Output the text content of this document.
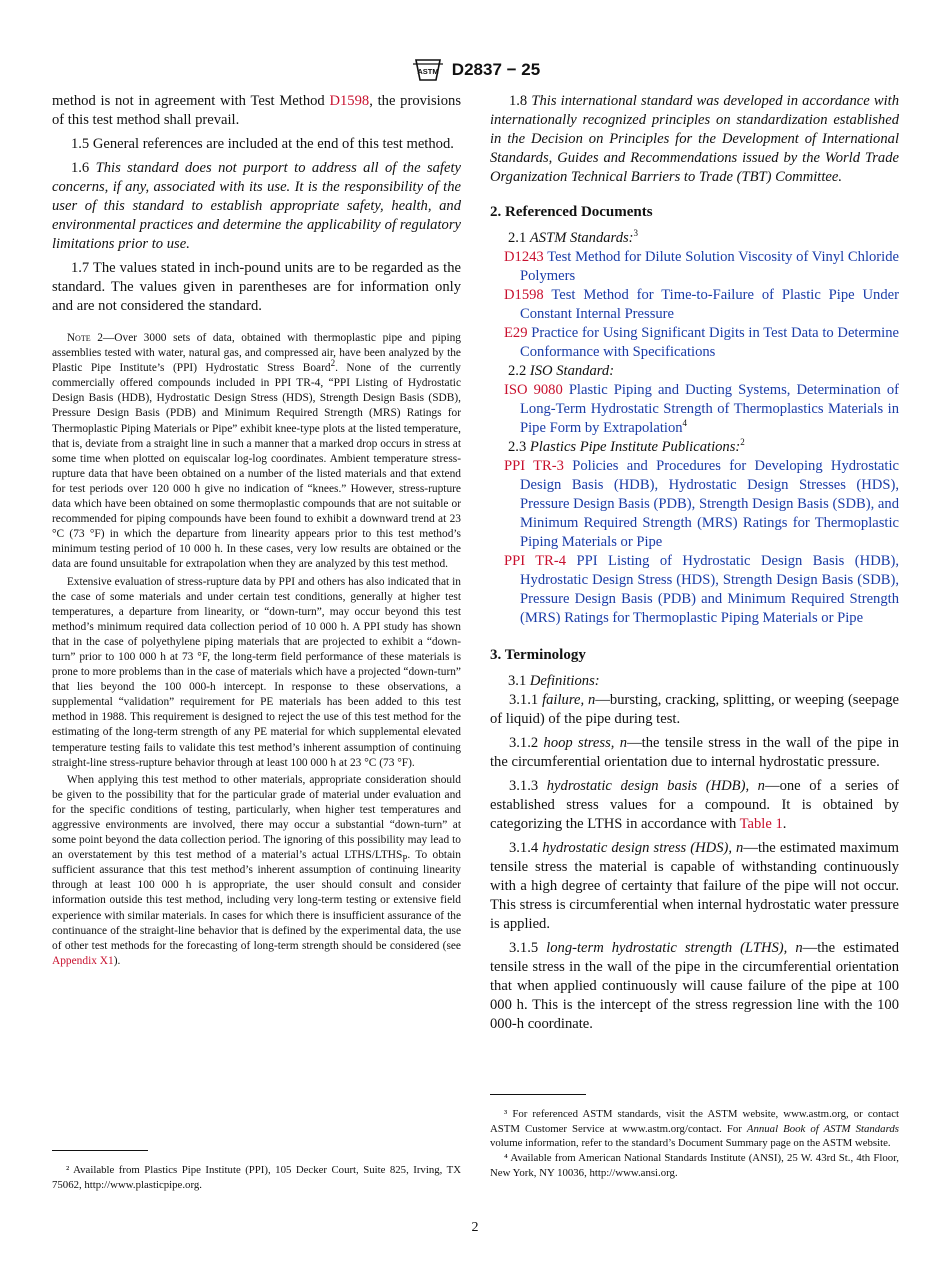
ASTM D2837 − 25

method is not in agreement with Test Method D1598, the provisions of this test method shall prevail.

1.5 General references are included at the end of this test method.

1.6 This standard does not purport to address all of the safety concerns, if any, associated with its use. It is the responsibility of the user of this standard to establish appropriate safety, health, and environmental practices and determine the applicability of regulatory limitations prior to use.

1.7 The values stated in inch-pound units are to be regarded as the standard. The values given in parentheses are for information only and are not considered the standard.

Note 2—Over 3000 sets of data, obtained with thermoplastic pipe and piping assemblies tested with water, natural gas, and compressed air, have been analyzed by the Plastic Pipe Institute’s (PPI) Hydrostatic Stress Board$^2$. None of the currently commercially offered compounds included in PPI TR-4, “PPI Listing of Hydrostatic Design Basis (HDB), Hydrostatic Design Stress (HDS), Strength Design Basis (SDB), Pressure Design Basis (PDB) and Minimum Required Strength (MRS) Ratings for Thermoplastic Piping Materials or Pipe” exhibit knee-type plots at the listed temperature, that is, deviate from a straight line in such a manner that a marked drop occurs in stress at some time when plotted on equiscalar log-log coordinates. Ambient temperature stress-rupture data that have been obtained on a number of the listed materials and that extend for test periods over 120 000 h give no indication of “knees.” However, stress-rupture data which have been obtained on some thermoplastic compounds that are not suitable or recommended for piping compounds have been found to exhibit a downward trend at 23 °C (73 °F) in which the departure from linearity appears prior to this test method’s minimum testing period of 10 000 h. In these cases, very low results are obtained or the data are found unsuitable for extrapolation when they are analyzed by this test method.

Extensive evaluation of stress-rupture data by PPI and others has also indicated that in the case of some materials and under certain test conditions, generally at higher test temperatures, a departure from linearity, or “down-turn”, may occur beyond this test method’s minimum required data collection period of 10 000 h. A PPI study has shown that in the case of polyethylene piping materials that are projected to exhibit a “down-turn” prior to 100 000 h at 73 °F, the long-term field performance of these materials is prone to more problems than in the case of materials which have a projected “down-turn” that lies beyond the 100 000-h intercept. In response to these observations, a supplemental “validation” requirement for PE materials has been added to this test method in 1988. This requirement is designed to reject the use of this test method for the estimating of the long-term strength of any PE material for which supplemental elevated temperature testing fails to validate this test method’s inherent assumption of continuing straight-line stress-rupture behavior through at least 100 000 h at 23 °C (73 °F).

When applying this test method to other materials, appropriate consideration should be given to the possibility that for the particular grade of material under evaluation and for the specific conditions of testing, particularly, when higher test temperatures and aggressive environments are involved, there may occur a substantial “down-turn” at some point beyond the data collection period. The ignoring of this possibility may lead to an overstatement by this test method of a material’s actual LTHS/$LTHS_P$. To obtain sufficient assurance that this test method’s inherent assumption of continuing linearity through at least 100 000 h is appropriate, the user should consult and consider information outside this test method, including very long-term testing or extensive field experience with similar materials. In cases for which there is insufficient assurance of the continuance of the straight-line behavior that is defined by the experimental data, the use of other test methods for the forecasting of long-term strength should be considered (see Appendix X1).

² Available from Plastics Pipe Institute (PPI), 105 Decker Court, Suite 825, Irving, TX 75062, http://www.plasticpipe.org.

1.8 This international standard was developed in accordance with internationally recognized principles on standardization established in the Decision on Principles for the Development of International Standards, Guides and Recommendations issued by the World Trade Organization Technical Barriers to Trade (TBT) Committee.

2. Referenced Documents

2.1 ASTM Standards:$^3$

D1243 Test Method for Dilute Solution Viscosity of Vinyl Chloride Polymers

D1598 Test Method for Time-to-Failure of Plastic Pipe Under Constant Internal Pressure

E29 Practice for Using Significant Digits in Test Data to Determine Conformance with Specifications

2.2 ISO Standard:

ISO 9080 Plastic Piping and Ducting Systems, Determination of Long-Term Hydrostatic Strength of Thermoplastics Materials in Pipe Form by Extrapolation$^4$

2.3 Plastics Pipe Institute Publications:$^2$

PPI TR-3 Policies and Procedures for Developing Hydrostatic Design Basis (HDB), Hydrostatic Design Stresses (HDS), Pressure Design Basis (PDB), Strength Design Basis (SDB), and Minimum Required Strength (MRS) Ratings for Thermoplastic Piping Materials or Pipe

PPI TR-4 PPI Listing of Hydrostatic Design Basis (HDB), Hydrostatic Design Stress (HDS), Strength Design Basis (SDB), Pressure Design Basis (PDB) and Minimum Required Strength (MRS) Ratings for Thermoplastic Piping Materials or Pipe

3. Terminology

3.1 Definitions:

3.1.1 failure, n—bursting, cracking, splitting, or weeping (seepage of liquid) of the pipe during test.

3.1.2 hoop stress, n—the tensile stress in the wall of the pipe in the circumferential orientation due to internal hydrostatic pressure.

3.1.3 hydrostatic design basis (HDB), n—one of a series of established stress values for a compound. It is obtained by categorizing the LTHS in accordance with Table 1.

3.1.4 hydrostatic design stress (HDS), n—the estimated maximum tensile stress the material is capable of withstanding continuously with a high degree of certainty that failure of the pipe will not occur. This stress is circumferential when internal hydrostatic water pressure is applied.

3.1.5 long-term hydrostatic strength (LTHS), n—the estimated tensile stress in the wall of the pipe in the circumferential orientation that when applied continuously will cause failure of the pipe at 100 000 h. This is the intercept of the stress regression line with the 100 000-h coordinate.

³ For referenced ASTM standards, visit the ASTM website, www.astm.org, or contact ASTM Customer Service at www.astm.org/contact. For Annual Book of ASTM Standards volume information, refer to the standard’s Document Summary page on the ASTM website.

⁴ Available from American National Standards Institute (ANSI), 25 W. 43rd St., 4th Floor, New York, NY 10036, http://www.ansi.org.

2
